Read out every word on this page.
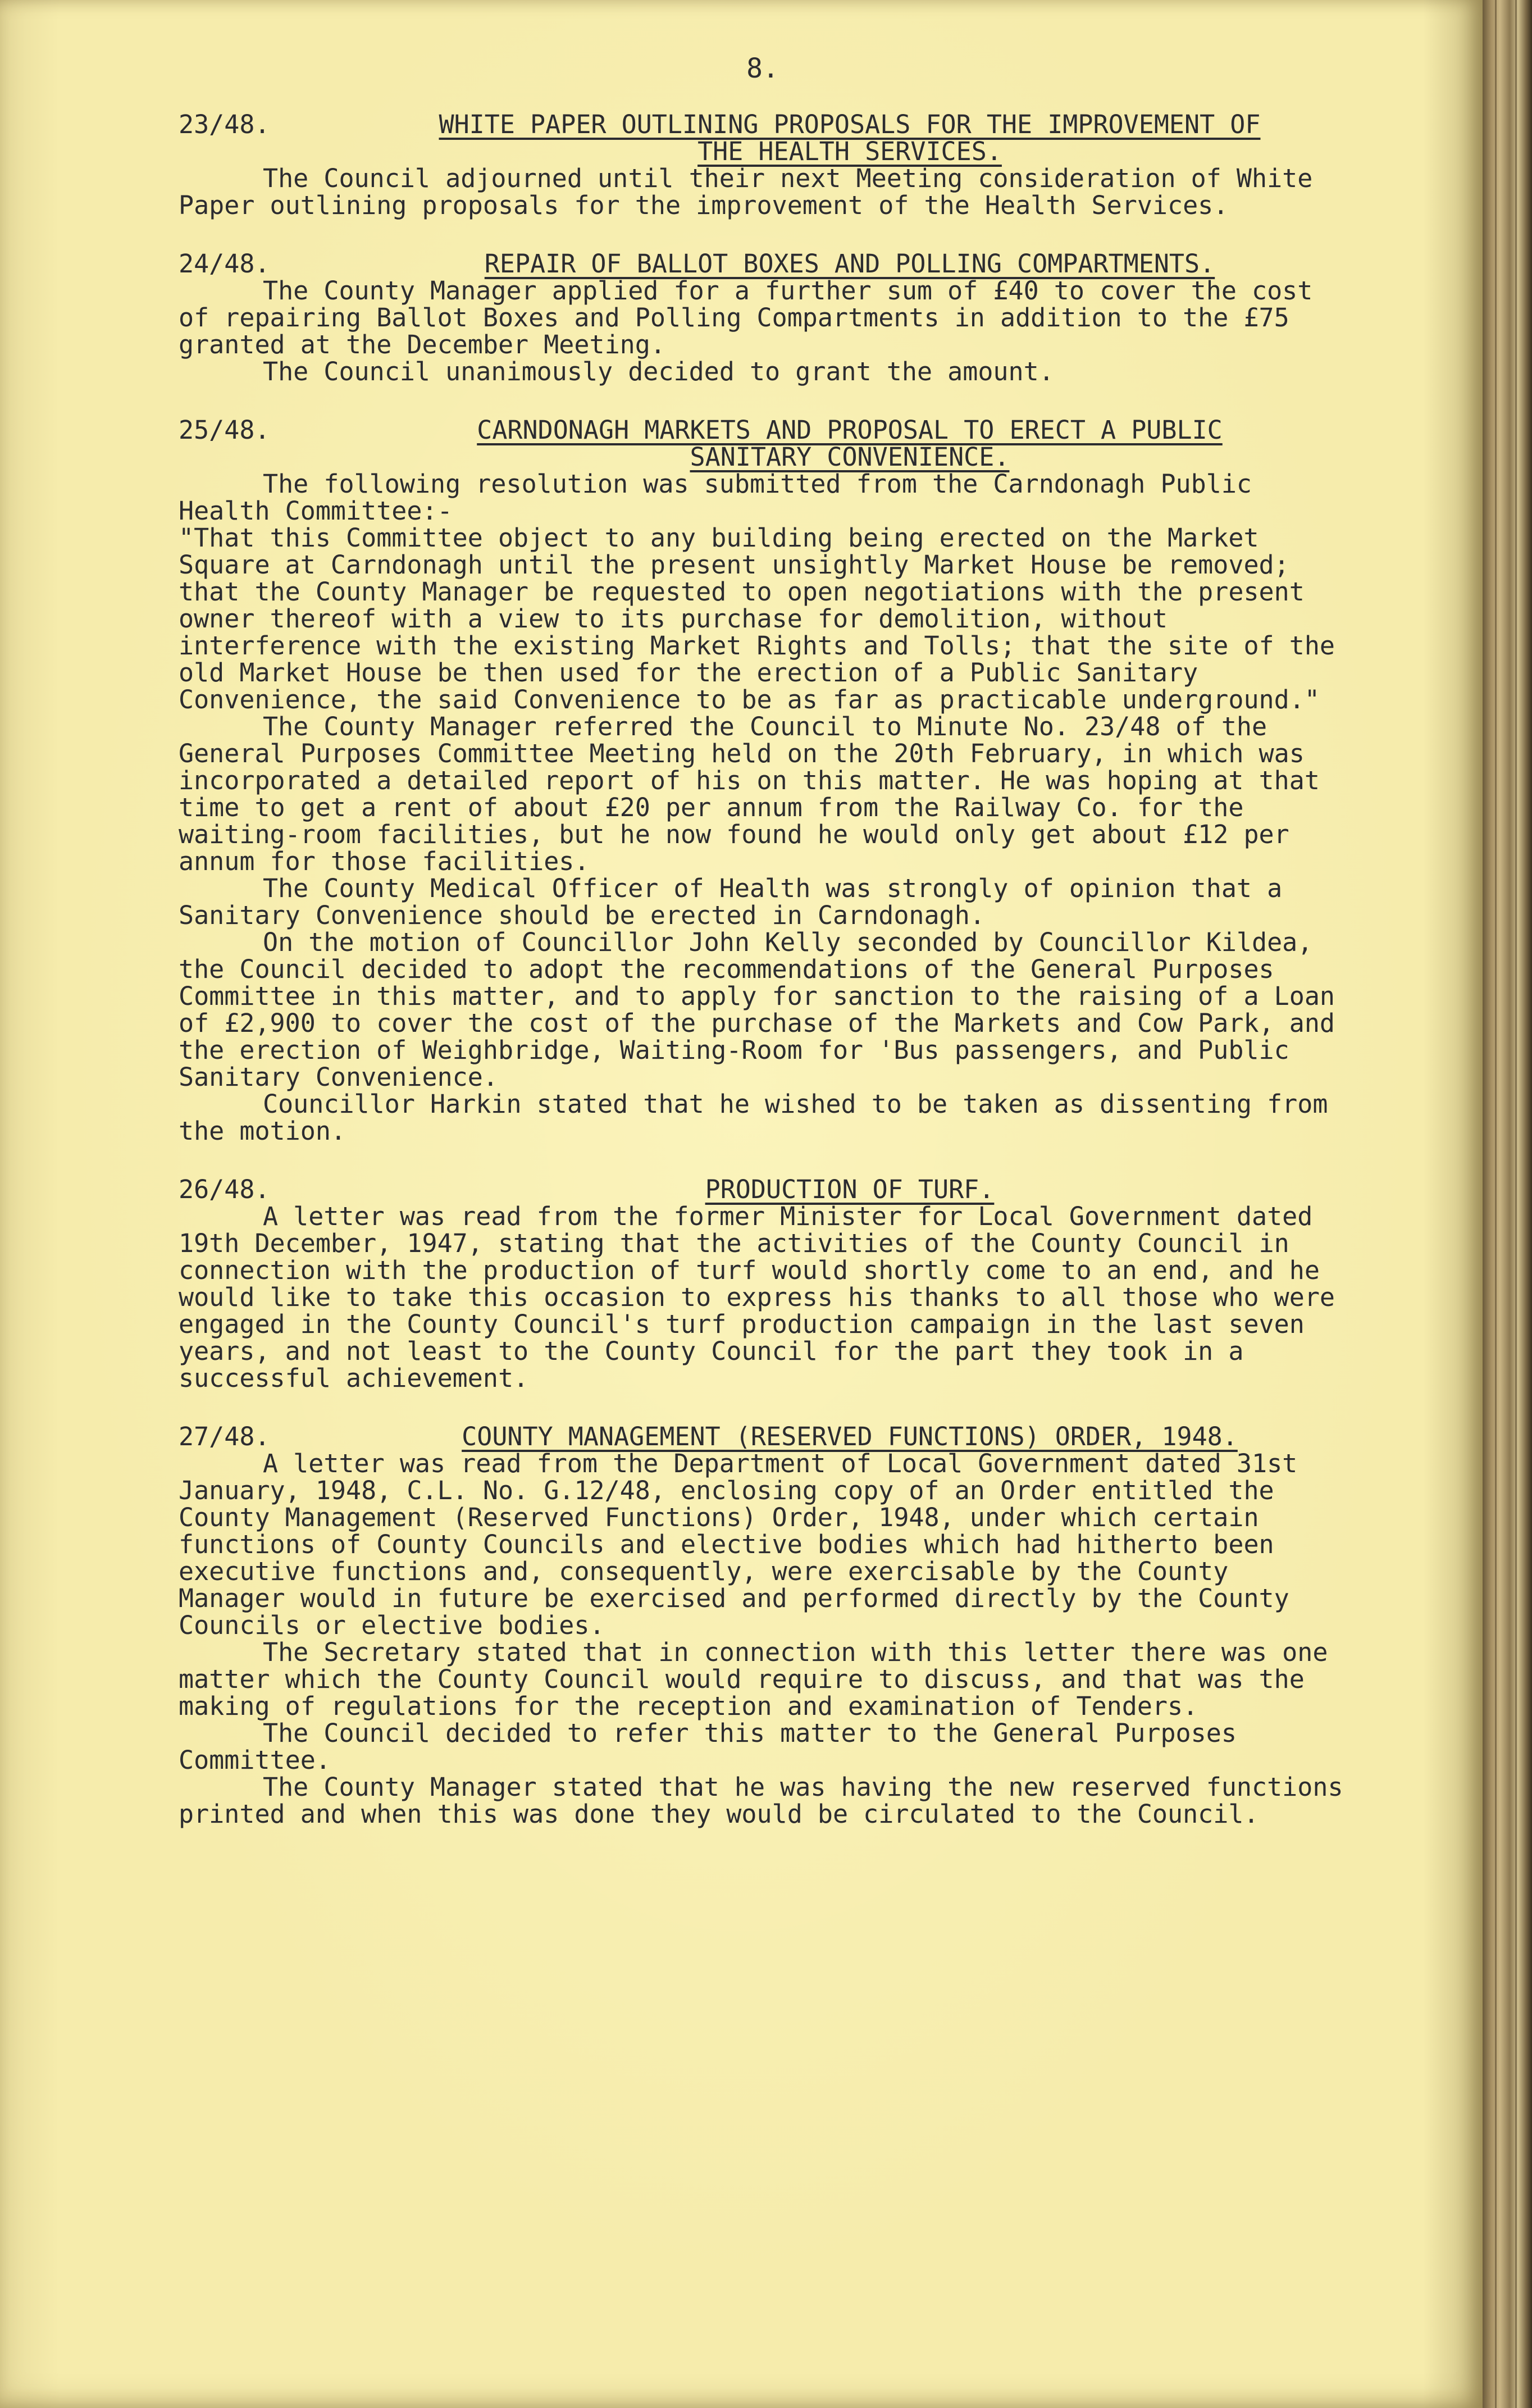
8.
23/48.	WHITE PAPER OUTLINING PROPOSALS FOR THE IMPROVEMENT OF
THE HEALTH SERVICES.

The Council adjourned until their next Meeting consideration of White Paper outlining proposals for the improvement of the Health Services.

24/48.	REPAIR OF BALLOT BOXES AND POLLING COMPARTMENTS.

The County Manager applied for a further sum of £40 to cover the cost of repairing Ballot Boxes and Polling Compartments in addition to the £75 granted at the December Meeting.

The Council unanimously decided to grant the amount.

25/48.	CARNDONAGH MARKETS AND PROPOSAL TO ERECT A PUBLIC
SANITARY CONVENIENCE.

The following resolution was submitted from the Carndonagh Public Health Committee:-

"That this Committee object to any building being erected on the Market Square at Carndonagh until the present unsightly Market House be removed; that the County Manager be requested to open negotiations with the present owner thereof with a view to its purchase for demolition, without interference with the existing Market Rights and Tolls; that the site of the old Market House be then used for the erection of a Public Sanitary Convenience, the said Convenience to be as far as practicable underground."

The County Manager referred the Council to Minute No. 23/48 of the General Purposes Committee Meeting held on the 20th February, in which was incorporated a detailed report of his on this matter. He was hoping at that time to get a rent of about £20 per annum from the Railway Co. for the waiting-room facilities, but he now found he would only get about £12 per annum for those facilities.

The County Medical Officer of Health was strongly of opinion that a Sanitary Convenience should be erected in Carndonagh.

On the motion of Councillor John Kelly seconded by Councillor Kildea, the Council decided to adopt the recommendations of the General Purposes Committee in this matter, and to apply for sanction to the raising of a Loan of £2,900 to cover the cost of the purchase of the Markets and Cow Park, and the erection of Weighbridge, Waiting-Room for 'Bus passengers, and Public Sanitary Convenience.

Councillor Harkin stated that he wished to be taken as dissenting from the motion.

26/48.	PRODUCTION OF TURF.

A letter was read from the former Minister for Local Government dated 19th December, 1947, stating that the activities of the County Council in connection with the production of turf would shortly come to an end, and he would like to take this occasion to express his thanks to all those who were engaged in the County Council's turf production campaign in the last seven years, and not least to the County Council for the part they took in a successful achievement.

27/48.	COUNTY MANAGEMENT (RESERVED FUNCTIONS) ORDER, 1948.

A letter was read from the Department of Local Government dated 31st January, 1948, C.L. No. G.12/48, enclosing copy of an Order entitled the County Management (Reserved Functions) Order, 1948, under which certain functions of County Councils and elective bodies which had hitherto been executive functions and, consequently, were exercisable by the County Manager would in future be exercised and performed directly by the County Councils or elective bodies.

The Secretary stated that in connection with this letter there was one matter which the County Council would require to discuss, and that was the making of regulations for the reception and examination of Tenders.

The Council decided to refer this matter to the General Purposes Committee.

The County Manager stated that he was having the new reserved functions printed and when this was done they would be circulated to the Council.
